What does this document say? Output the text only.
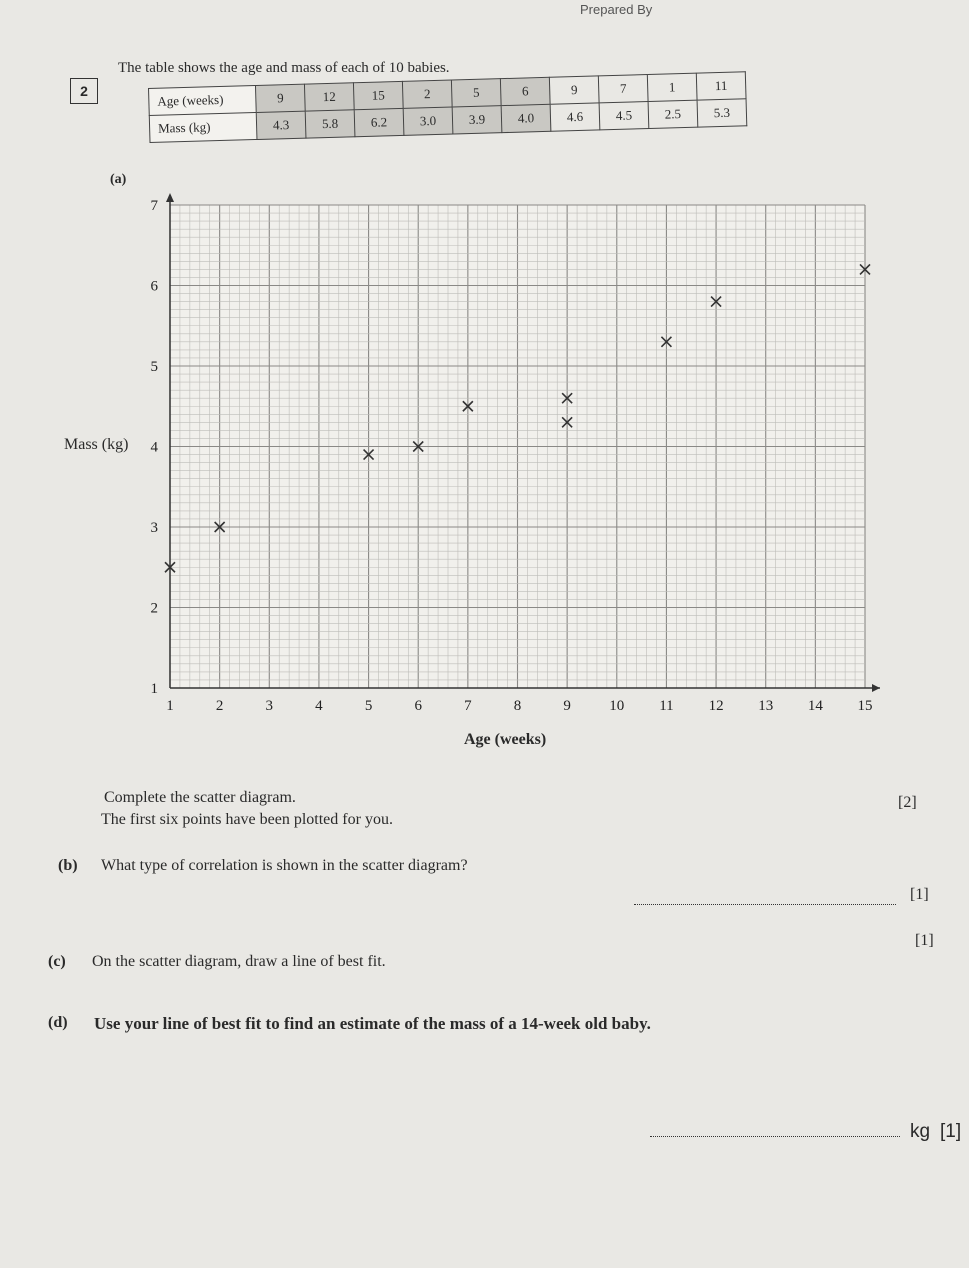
Prepared By
2
The table shows the age and mass of each of 10 babies.
Age (weeks)	9	12	15	2	5	6	9	7	1	11
Mass (kg)	4.3	5.8	6.2	3.0	3.9	4.0	4.6	4.5	2.5	5.3
(a)
Mass (kg)
1	2	3	4	5	6	7	8	9	10 11 12 13 14 15
1
2
3
4
5
6
7
Age (weeks)
Complete the scatter diagram.
The first six points have been plotted for you.
[2]
(b) What type of correlation is shown in the scatter diagram?
[1]
(c) On the scatter diagram, draw a line of best fit.
[1]
(d) Use your line of best fit to find an estimate of the mass of a 14-week old baby.
kg [1]
